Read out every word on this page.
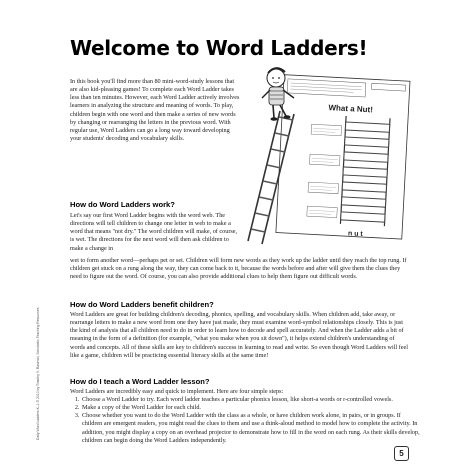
Welcome to Word Ladders!

In this book you'll find more than 80 mini-word-study lessons that are also kid-pleasing games! To complete each Word Ladder takes less than ten minutes. However, each Word Ladder actively involves learners in analyzing the structure and meaning of words. To play, children begin with one word and then make a series of new words by changing or rearranging the letters in the previous word. With regular use, Word Ladders can go a long way toward developing your students' decoding and vocabulary skills.

What a Nut!
n u t
How do Word Ladders work?

Let's say our first Word Ladder begins with the word web. The directions will tell children to change one letter in web to make a word that means "not dry." The word children will make, of course, is wet. The directions for the next word will then ask children to make a change in

wet to form another word—perhaps pet or set. Children will form new words as they work up the ladder until they reach the top rung. If children get stuck on a rung along the way, they can come back to it, because the words before and after will give them the clues they need to figure out the word. Of course, you can also provide additional clues to help them figure out difficult words.

How do Word Ladders benefit children?

Word Ladders are great for building children's decoding, phonics, spelling, and vocabulary skills. When children add, take away, or rearrange letters to make a new word from one they have just made, they must examine word-symbol relationships closely. This is just the kind of analysis that all children need to do in order to learn how to decode and spell accurately. And when the Ladder adds a bit of meaning in the form of a definition (for example, "what you make when you sit down"), it helps extend children's understanding of words and concepts. All of these skills are key to children's success in learning to read and write. So even though Word Ladders will feel like a game, children will be practicing essential literacy skills at the same time!

How do I teach a Word Ladder lesson?

Word Ladders are incredibly easy and quick to implement. Here are four simple steps:

1. Choose a Word Ladder to try. Each word ladder teaches a particular phonics lesson, like short-a words or r-controlled vowels.
2. Make a copy of the Word Ladder for each child.
3. Choose whether you want to do the Word Ladder with the class as a whole, or have children work alone, in pairs, or in groups. If children are emergent readers, you might read the clues to them and use a think-aloud method to model how to complete the activity. In addition, you might display a copy on an overhead projector to demonstrate how to fill in the word on each rung. As their skills develop, children can begin doing the Word Ladders independently.
Daily Word Ladders K–1 © 2010 by Timothy V. Rasinski, Scholastic Teaching Resources
5
